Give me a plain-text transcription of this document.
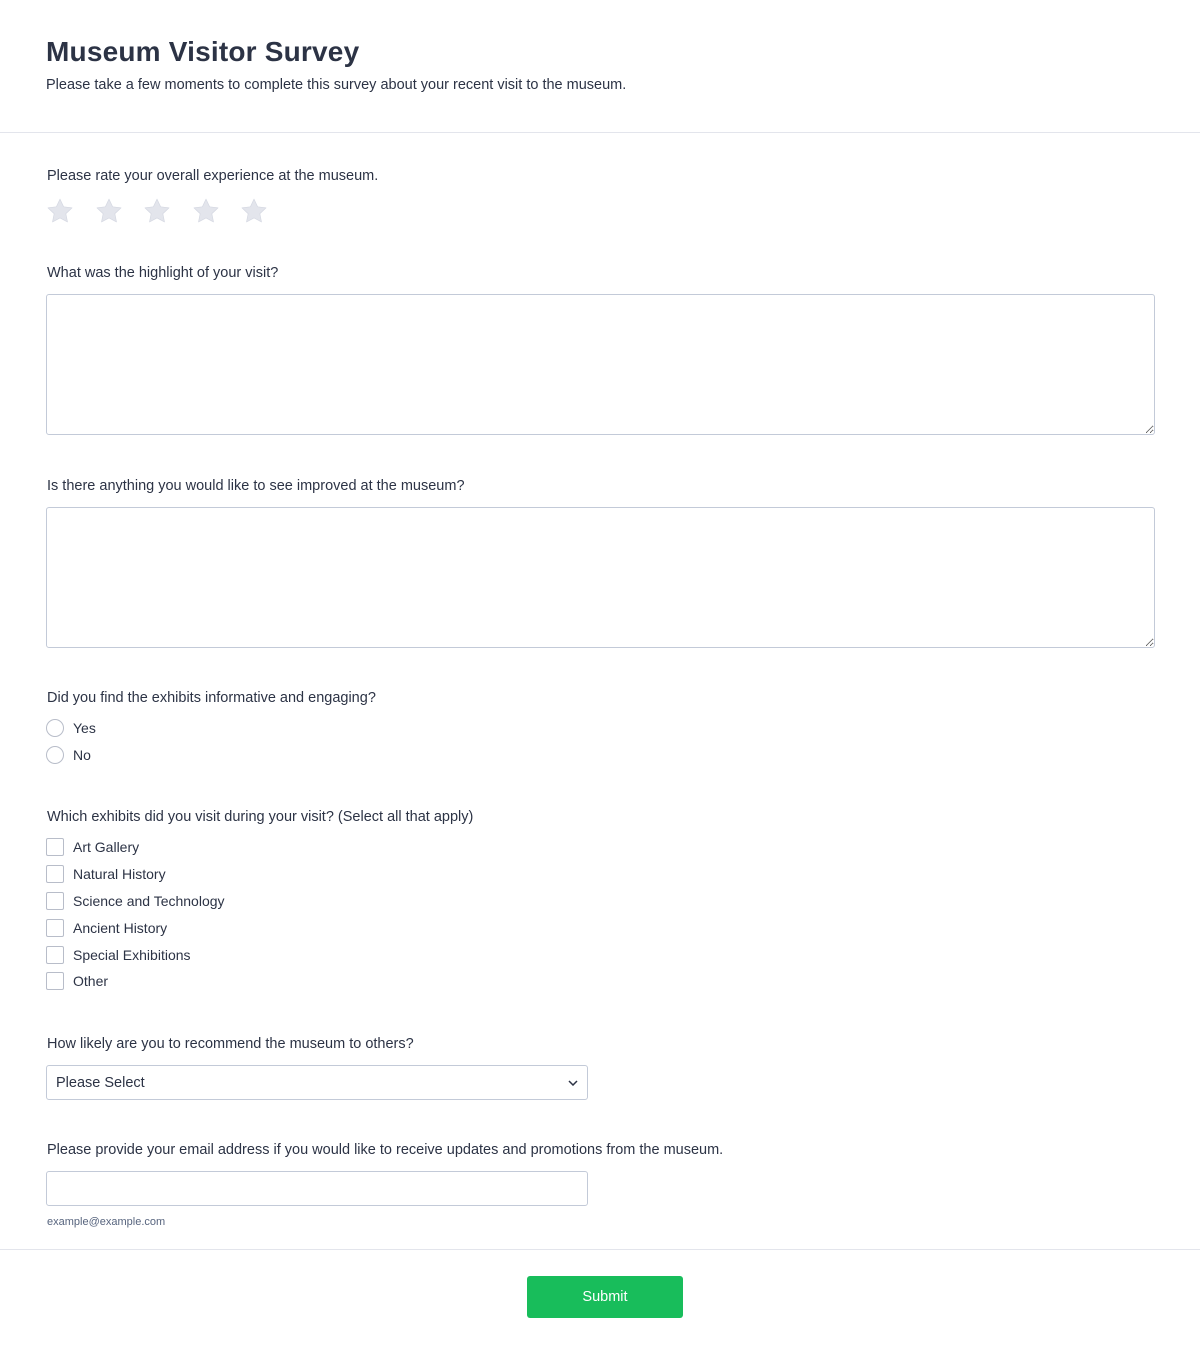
Museum Visitor Survey
Please take a few moments to complete this survey about your recent visit to the museum.
Please rate your overall experience at the museum.
What was the highlight of your visit?
Is there anything you would like to see improved at the museum?
Did you find the exhibits informative and engaging?
Yes
No
Which exhibits did you visit during your visit? (Select all that apply)
Art Gallery
Natural History
Science and Technology
Ancient History
Special Exhibitions
Other
How likely are you to recommend the museum to others?
Please Select
Please provide your email address if you would like to receive updates and promotions from the museum.
example@example.com
Submit
